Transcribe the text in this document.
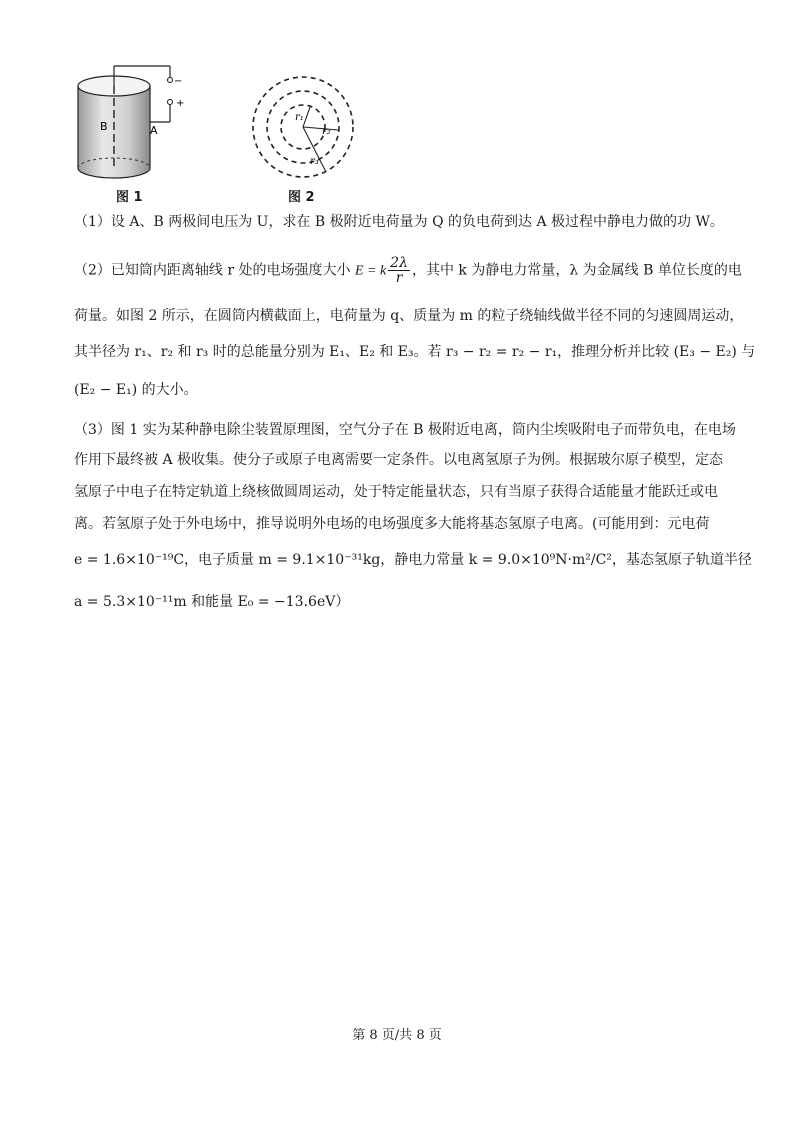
−
+
B	A
图 1
r₁
r₂
r₃
图 2
（1）设 A、B 两极间电压为 U，求在 B 极附近电荷量为 Q 的负电荷到达 A 极过程中静电力做的功 W。
（2）已知筒内距离轴线 r 处的电场强度大小 E = k $\frac{2\lambda}{r}$ ，其中 k 为静电力常量，λ 为金属线 B 单位长度的电
荷量。如图 2 所示，在圆筒内横截面上，电荷量为 q、质量为 m 的粒子绕轴线做半径不同的匀速圆周运动，
其半径为 r₁、r₂ 和 r₃ 时的总能量分别为 E₁、E₂ 和 E₃。若 r₃ − r₂ = r₂ − r₁，推理分析并比较 (E₃ − E₂) 与
(E₂ − E₁) 的大小。
（3）图 1 实为某种静电除尘装置原理图，空气分子在 B 极附近电离，筒内尘埃吸附电子而带负电，在电场
作用下最终被 A 极收集。使分子或原子电离需要一定条件。以电离氢原子为例。根据玻尔原子模型，定态
氢原子中电子在特定轨道上绕核做圆周运动，处于特定能量状态，只有当原子获得合适能量才能跃迁或电
离。若氢原子处于外电场中，推导说明外电场的电场强度多大能将基态氢原子电离。(可能用到：元电荷
e = 1.6×10⁻¹⁹C，电子质量 m = 9.1×10⁻³¹kg，静电力常量 k = 9.0×10⁹N·m²/C²，基态氢原子轨道半径
a = 5.3×10⁻¹¹m 和能量 E₀ = −13.6eV）
第 8 页/共 8 页
